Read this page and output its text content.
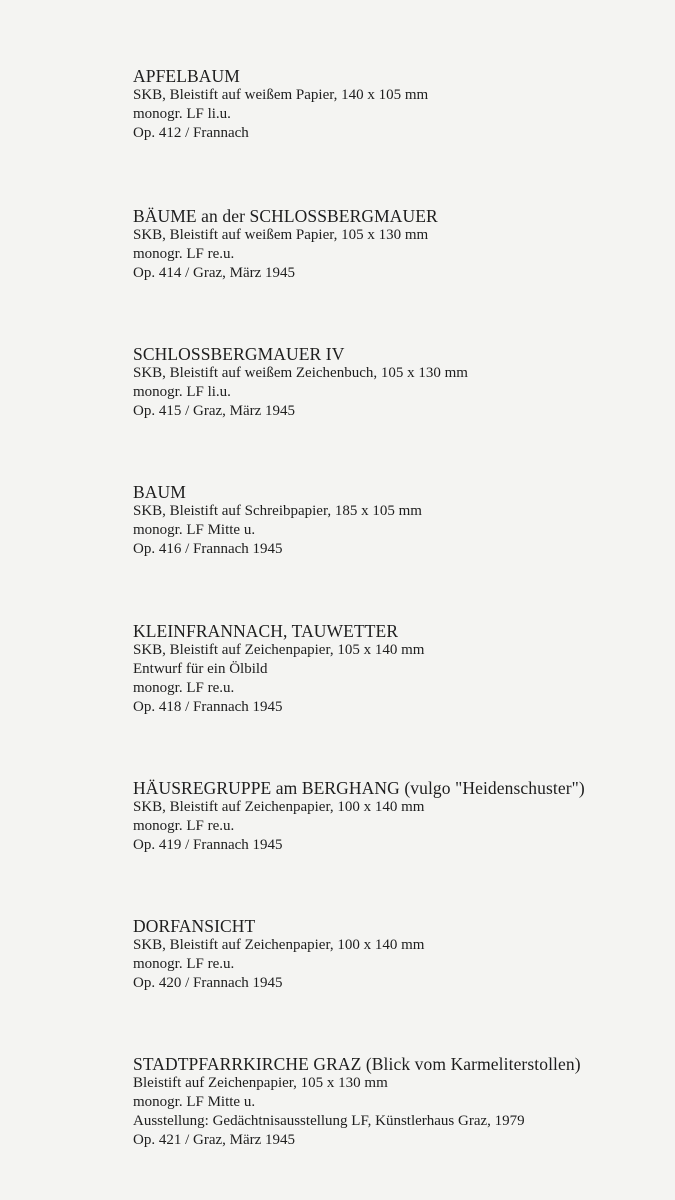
APFELBAUM
SKB, Bleistift auf weißem Papier, 140 x 105 mm
monogr. LF li.u.
Op. 412 / Frannach
BÄUME an der SCHLOSSBERGMAUER
SKB, Bleistift auf weißem Papier, 105 x 130 mm
monogr. LF re.u.
Op. 414 / Graz, März 1945
SCHLOSSBERGMAUER IV
SKB, Bleistift auf weißem Zeichenbuch, 105 x 130 mm
monogr. LF li.u.
Op. 415 / Graz, März 1945
BAUM
SKB, Bleistift auf Schreibpapier, 185 x 105 mm
monogr. LF Mitte u.
Op. 416 / Frannach 1945
KLEINFRANNACH, TAUWETTER
SKB, Bleistift auf Zeichenpapier, 105 x 140 mm
Entwurf für ein Ölbild
monogr. LF re.u.
Op. 418 / Frannach 1945
HÄUSREGRUPPE am BERGHANG (vulgo "Heidenschuster")
SKB, Bleistift auf Zeichenpapier, 100 x 140 mm
monogr. LF re.u.
Op. 419 / Frannach 1945
DORFANSICHT
SKB, Bleistift auf Zeichenpapier, 100 x 140 mm
monogr. LF re.u.
Op. 420 / Frannach 1945
STADTPFARRKIRCHE GRAZ (Blick vom Karmeliterstollen)
Bleistift auf Zeichenpapier, 105 x 130 mm
monogr. LF Mitte u.
Ausstellung: Gedächtnisausstellung LF, Künstlerhaus Graz, 1979
Op. 421 / Graz, März 1945
